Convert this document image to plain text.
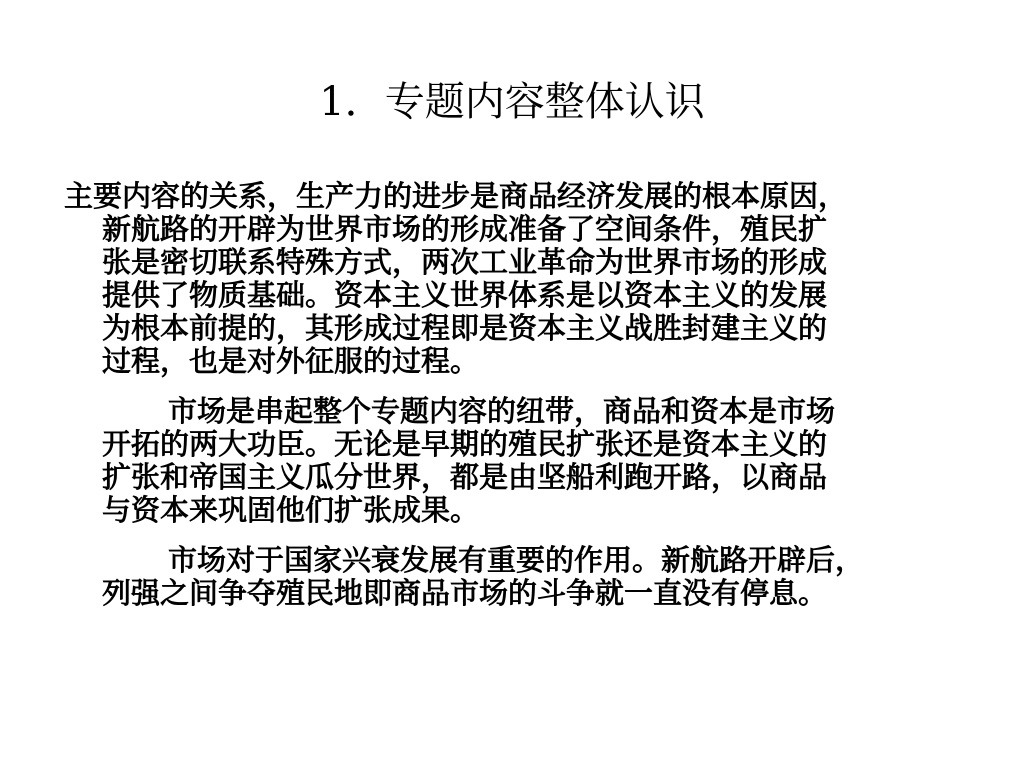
1．专题内容整体认识

主要内容的关系，生产力的进步是商品经济发展的根本原因，
新航路的开辟为世界市场的形成准备了空间条件，殖民扩
张是密切联系特殊方式，两次工业革命为世界市场的形成
提供了物质基础。资本主义世界体系是以资本主义的发展
为根本前提的，其形成过程即是资本主义战胜封建主义的
过程，也是对外征服的过程。

市场是串起整个专题内容的纽带，商品和资本是市场
开拓的两大功臣。无论是早期的殖民扩张还是资本主义的
扩张和帝国主义瓜分世界，都是由坚船利跑开路，以商品
与资本来巩固他们扩张成果。

市场对于国家兴衰发展有重要的作用。新航路开辟后，
列强之间争夺殖民地即商品市场的斗争就一直没有停息。
